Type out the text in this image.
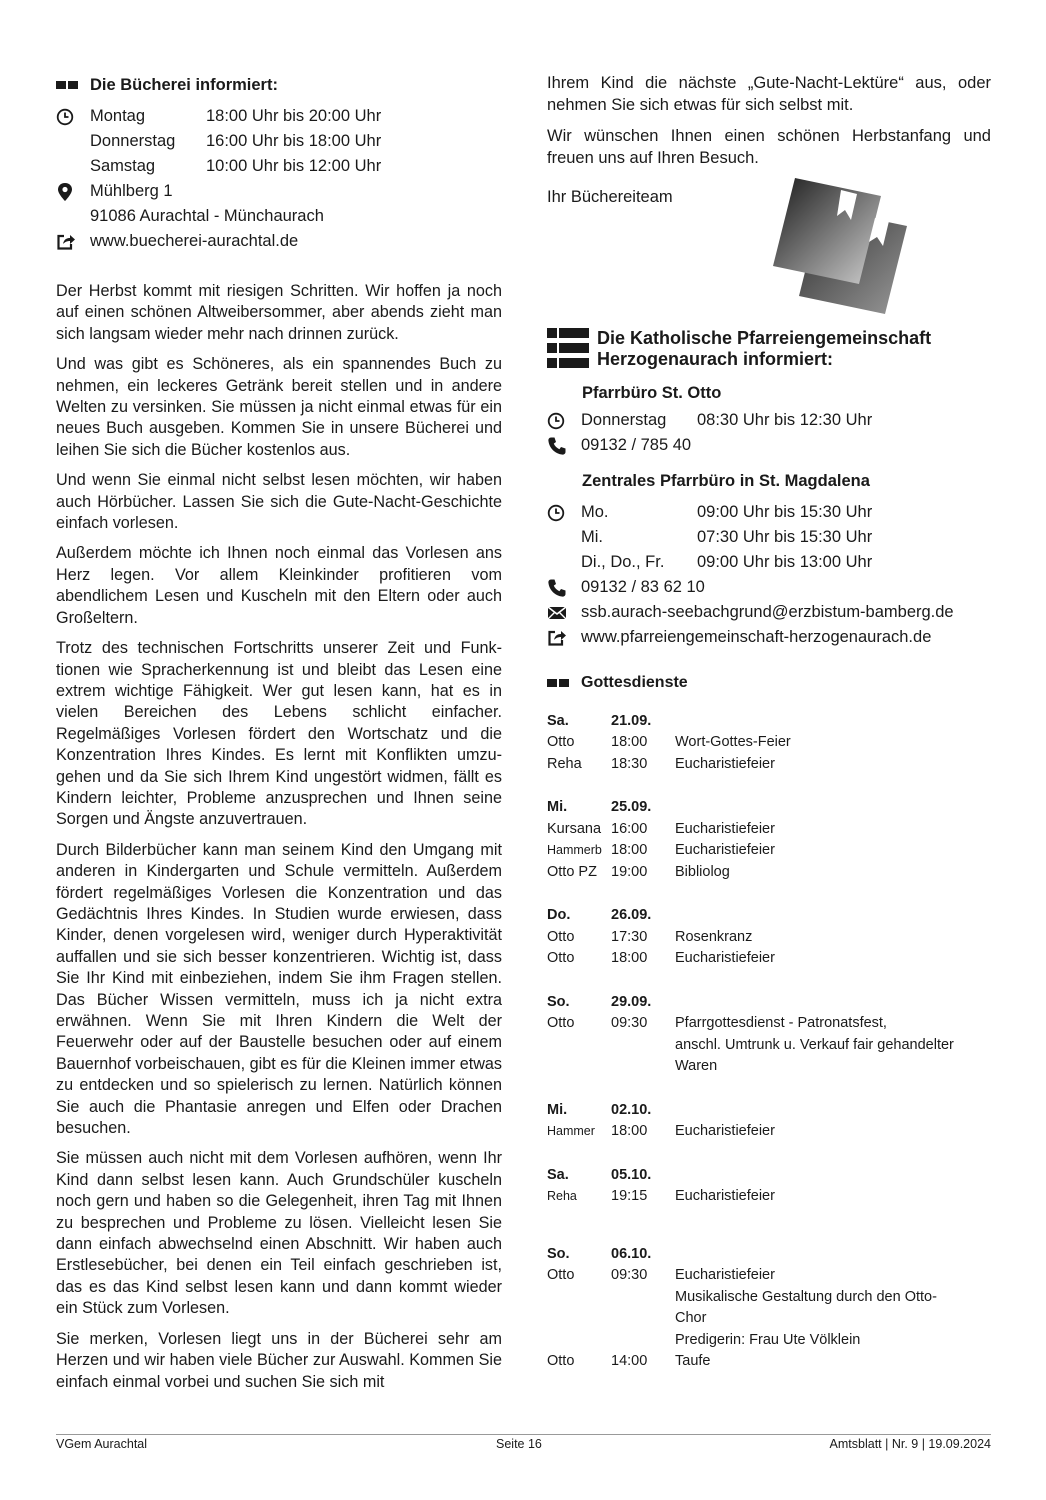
Die Bücherei informiert:
Montag	18:00 Uhr bis 20:00 Uhr
Donnerstag	16:00 Uhr bis 18:00 Uhr
Samstag	10:00 Uhr bis 12:00 Uhr
Mühlberg 1
91086 Aurachtal - Münchaurach
www.buecherei-aurachtal.de

Der Herbst kommt mit riesigen Schritten. Wir hoffen ja noch auf einen schönen Altweibersommer, aber abends zieht man sich langsam wieder mehr nach drinnen zurück.

Und was gibt es Schöneres, als ein spannendes Buch zu nehmen, ein leckeres Getränk bereit stellen und in andere Welten zu versinken. Sie müssen ja nicht einmal etwas für ein neues Buch ausgeben. Kommen Sie in unsere Bücherei und leihen Sie sich die Bücher kostenlos aus.

Und wenn Sie einmal nicht selbst lesen möchten, wir haben auch Hörbücher. Lassen Sie sich die Gute-Nacht-Geschichte einfach vorlesen.

Außerdem möchte ich Ihnen noch einmal das Vorlesen ans Herz legen. Vor allem Kleinkinder profitieren vom abendlichem Lesen und Kuscheln mit den Eltern oder auch Großeltern.

Trotz des technischen Fortschritts unserer Zeit und Funktionen wie Spracherkennung ist und bleibt das Lesen eine extrem wichtige Fähigkeit. Wer gut lesen kann, hat es in vielen Bereichen des Lebens schlicht einfacher. Regelmäßiges Vorlesen fördert den Wortschatz und die Konzentration Ihres Kindes. Es lernt mit Konflikten umzugehen und da Sie sich Ihrem Kind ungestört widmen, fällt es Kindern leichter, Probleme anzusprechen und Ihnen seine Sorgen und Ängste anzuvertrauen.

Durch Bilderbücher kann man seinem Kind den Umgang mit anderen in Kindergarten und Schule vermitteln. Außerdem fördert regelmäßiges Vorlesen die Konzentration und das Gedächtnis Ihres Kindes. In Studien wurde erwiesen, dass Kinder, denen vorgelesen wird, weniger durch Hyperaktivität auffallen und sie sich besser konzentrieren. Wichtig ist, dass Sie Ihr Kind mit einbeziehen, indem Sie ihm Fragen stellen. Das Bücher Wissen vermitteln, muss ich ja nicht extra erwähnen. Wenn Sie mit Ihren Kindern die Welt der Feuerwehr oder auf der Baustelle besuchen oder auf einem Bauernhof vorbeischauen, gibt es für die Kleinen immer etwas zu entdecken und so spielerisch zu lernen. Natürlich können Sie auch die Phantasie anregen und Elfen oder Drachen besuchen.

Sie müssen auch nicht mit dem Vorlesen aufhören, wenn Ihr Kind dann selbst lesen kann. Auch Grundschüler kuscheln noch gern und haben so die Gelegenheit, ihren Tag mit Ihnen zu besprechen und Probleme zu lösen. Vielleicht lesen Sie dann einfach abwechselnd einen Abschnitt. Wir haben auch Erstlesebücher, bei denen ein Teil einfach geschrieben ist, das es das Kind selbst lesen kann und dann kommt wieder ein Stück zum Vorlesen.

Sie merken, Vorlesen liegt uns in der Bücherei sehr am Herzen und wir haben viele Bücher zur Auswahl. Kommen Sie einfach einmal vorbei und suchen Sie sich mit

Ihrem Kind die nächste „Gute-Nacht-Lektüre“ aus, oder nehmen Sie sich etwas für sich selbst mit.

Wir wünschen Ihnen einen schönen Herbstanfang und freuen uns auf Ihren Besuch.

Ihr Büchereiteam
Die Katholische Pfarreiengemeinschaft
Herzogenaurach informiert:
Pfarrbüro St. Otto
Donnerstag	08:30 Uhr bis 12:30 Uhr
09132 / 785 40
Zentrales Pfarrbüro in St. Magdalena
Mo.	09:00 Uhr bis 15:30 Uhr
Mi.	07:30 Uhr bis 15:30 Uhr
Di., Do., Fr.	09:00 Uhr bis 13:00 Uhr
09132 / 83 62 10
ssb.aurach-seebachgrund@erzbistum-bamberg.de
www.pfarreiengemeinschaft-herzogenaurach.de
Gottesdienste
Sa.	21.09.
Otto	18:00	Wort-Gottes-Feier
Reha	18:30	Eucharistiefeier
Mi.	25.09.
Kursana 16:00	Eucharistiefeier
Hammerb 18:00	Eucharistiefeier
Otto PZ 19:00	Bibliolog
Do.	26.09.
Otto	17:30	Rosenkranz
Otto	18:00	Eucharistiefeier
So.	29.09.
Otto	09:30	Pfarrgottesdienst - Patronatsfest,
anschl. Umtrunk u. Verkauf fair gehandelter
Waren
Mi.	02.10.
Hammer	18:00	Eucharistiefeier
Sa.	05.10.
Reha	19:15	Eucharistiefeier
So.	06.10.
Otto	09:30	Eucharistiefeier
Musikalische Gestaltung durch den Otto-
Chor
Predigerin: Frau Ute Völklein
Otto	14:00	Taufe
VGem Aurachtal	Seite 16	Amtsblatt | Nr. 9 | 19.09.2024
